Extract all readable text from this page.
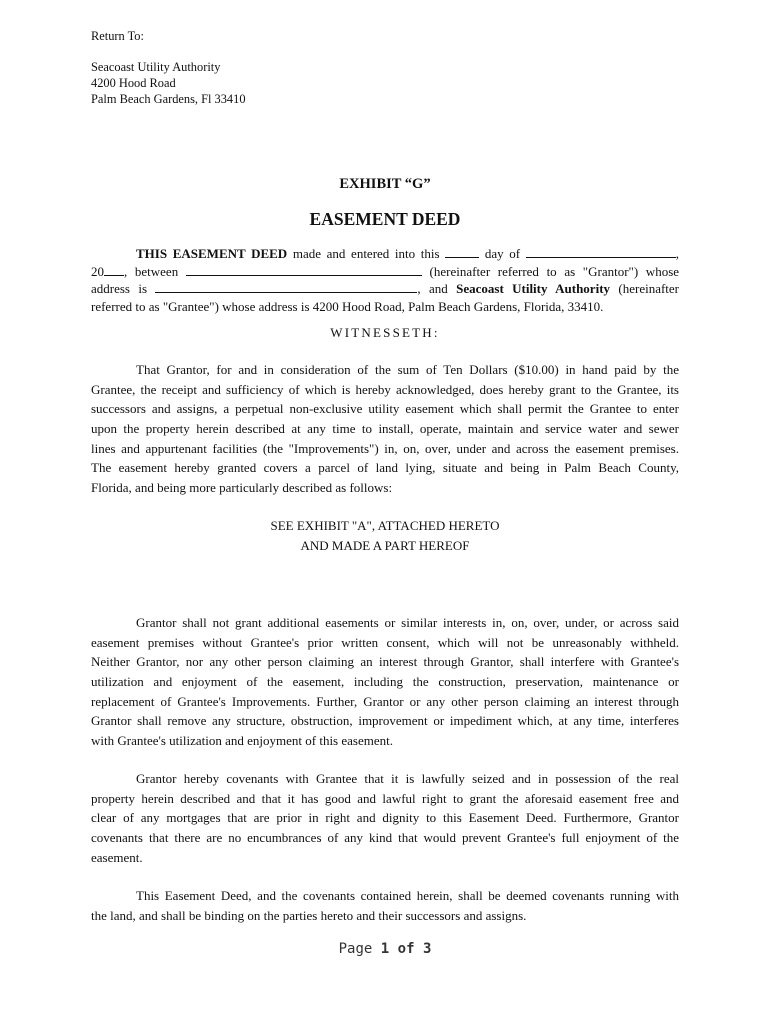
Return To:
Seacoast Utility Authority
4200 Hood Road
Palm Beach Gardens, Fl 33410
EXHIBIT “G”
EASEMENT DEED
THIS EASEMENT DEED made and entered into this	day of	,
20 , between	(hereinafter referred to as "Grantor") whose
address is	, and Seacoast Utility Authority (hereinafter
referred to as "Grantee") whose address is 4200 Hood Road, Palm Beach Gardens, Florida, 33410.
WITNESSETH:
That Grantor, for and in consideration of the sum of Ten Dollars ($10.00) in hand paid by the
Grantee, the receipt and sufficiency of which is hereby acknowledged, does hereby grant to the Grantee, its
successors and assigns, a perpetual non-exclusive utility easement which shall permit the Grantee to enter
upon the property herein described at any time to install, operate, maintain and service water and sewer
lines and appurtenant facilities (the "Improvements") in, on, over, under and across the easement premises.
The easement hereby granted covers a parcel of land lying, situate and being in Palm Beach County,
Florida, and being more particularly described as follows:
SEE EXHIBIT "A", ATTACHED HERETO
AND MADE A PART HEREOF
Grantor shall not grant additional easements or similar interests in, on, over, under, or across said
easement premises without Grantee's prior written consent, which will not be unreasonably withheld.
Neither Grantor, nor any other person claiming an interest through Grantor, shall interfere with Grantee's
utilization and enjoyment of the easement, including the construction, preservation, maintenance or
replacement of Grantee's Improvements. Further, Grantor or any other person claiming an interest through
Grantor shall remove any structure, obstruction, improvement or impediment which, at any time, interferes
with Grantee's utilization and enjoyment of this easement.
Grantor hereby covenants with Grantee that it is lawfully seized and in possession of the real
property herein described and that it has good and lawful right to grant the aforesaid easement free and
clear of any mortgages that are prior in right and dignity to this Easement Deed. Furthermore, Grantor
covenants that there are no encumbrances of any kind that would prevent Grantee's full enjoyment of the
easement.
This Easement Deed, and the covenants contained herein, shall be deemed covenants running with
the land, and shall be binding on the parties hereto and their successors and assigns.
Page 1 of 3
